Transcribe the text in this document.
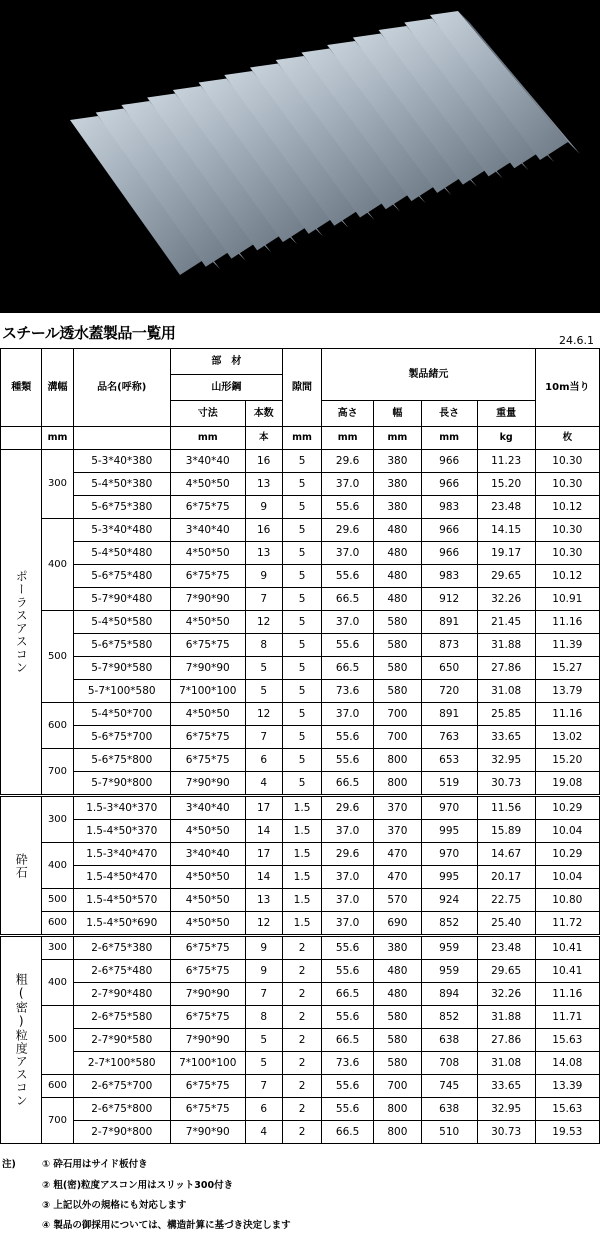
スチール透水蓋製品一覧用	24.6.1
種類	溝幅	品名(呼称)	部　材		隙間	製品緒元				10m当り
			山形鋼							
			寸法	本数		高さ	幅	長さ	重量	
	mm		mm	本	mm	mm	mm	mm	kg	枚
ポーラスアスコン	300	5-3*40*380	3*40*40	16	5	29.6	380	966	11.23	10.30
		5-4*50*380	4*50*50	13	5	37.0	380	966	15.20	10.30
		5-6*75*380	6*75*75	9	5	55.6	380	983	23.48	10.12
	400	5-3*40*480	3*40*40	16	5	29.6	480	966	14.15	10.30
		5-4*50*480	4*50*50	13	5	37.0	480	966	19.17	10.30
		5-6*75*480	6*75*75	9	5	55.6	480	983	29.65	10.12
		5-7*90*480	7*90*90	7	5	66.5	480	912	32.26	10.91
	500	5-4*50*580	4*50*50	12	5	37.0	580	891	21.45	11.16
		5-6*75*580	6*75*75	8	5	55.6	580	873	31.88	11.39
		5-7*90*580	7*90*90	5	5	66.5	580	650	27.86	15.27
		5-7*100*580	7*100*100	5	5	73.6	580	720	31.08	13.79
	600	5-4*50*700	4*50*50	12	5	37.0	700	891	25.85	11.16
		5-6*75*700	6*75*75	7	5	55.6	700	763	33.65	13.02
	700	5-6*75*800	6*75*75	6	5	55.6	800	653	32.95	15.20
		5-7*90*800	7*90*90	4	5	66.5	800	519	30.73	19.08
砕石	300	1.5-3*40*370	3*40*40	17	1.5	29.6	370	970	11.56	10.29
		1.5-4*50*370	4*50*50	14	1.5	37.0	370	995	15.89	10.04
	400	1.5-3*40*470	3*40*40	17	1.5	29.6	470	970	14.67	10.29
		1.5-4*50*470	4*50*50	14	1.5	37.0	470	995	20.17	10.04
	500	1.5-4*50*570	4*50*50	13	1.5	37.0	570	924	22.75	10.80
	600	1.5-4*50*690	4*50*50	12	1.5	37.0	690	852	25.40	11.72
粗(密)粒度アスコン	300	2-6*75*380	6*75*75	9	2	55.6	380	959	23.48	10.41
	400	2-6*75*480	6*75*75	9	2	55.6	480	959	29.65	10.41
		2-7*90*480	7*90*90	7	2	66.5	480	894	32.26	11.16
	500	2-6*75*580	6*75*75	8	2	55.6	580	852	31.88	11.71
		2-7*90*580	7*90*90	5	2	66.5	580	638	27.86	15.63
		2-7*100*580	7*100*100	5	2	73.6	580	708	31.08	14.08
	600	2-6*75*700	6*75*75	7	2	55.6	700	745	33.65	13.39
	700	2-6*75*800	6*75*75	6	2	55.6	800	638	32.95	15.63
		2-7*90*800	7*90*90	4	2	66.5	800	510	30.73	19.53
注)	① 砕石用はサイド板付き
② 粗(密)粒度アスコン用はスリット300付き
③ 上記以外の規格にも対応します
④ 製品の御採用については、構造計算に基づき決定します
